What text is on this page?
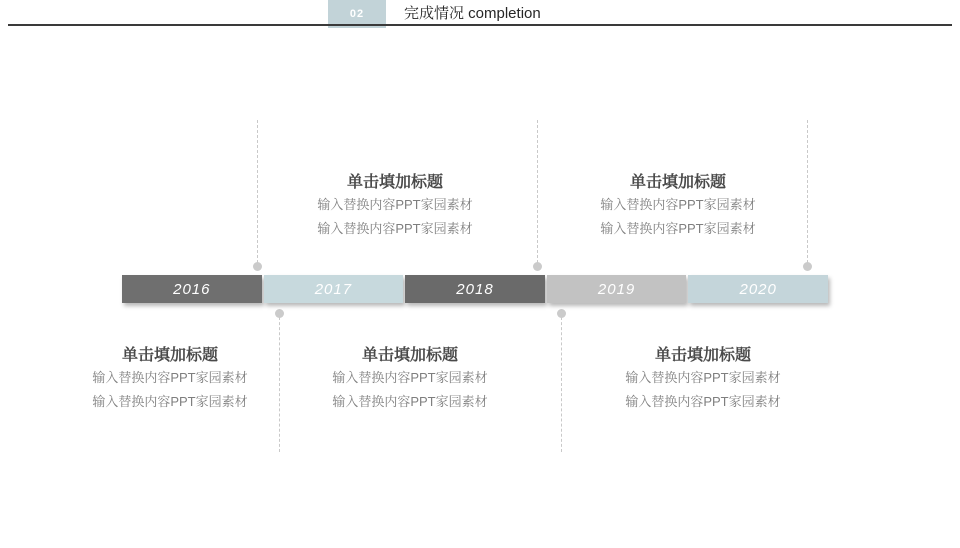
02	完成情况 completion
2016	2017	2018	2019	2020
单击填加标题

输入替换内容PPT家园素材

输入替换内容PPT家园素材

单击填加标题

输入替换内容PPT家园素材

输入替换内容PPT家园素材

单击填加标题

输入替换内容PPT家园素材

输入替换内容PPT家园素材

单击填加标题

输入替换内容PPT家园素材

输入替换内容PPT家园素材

单击填加标题

输入替换内容PPT家园素材

输入替换内容PPT家园素材
